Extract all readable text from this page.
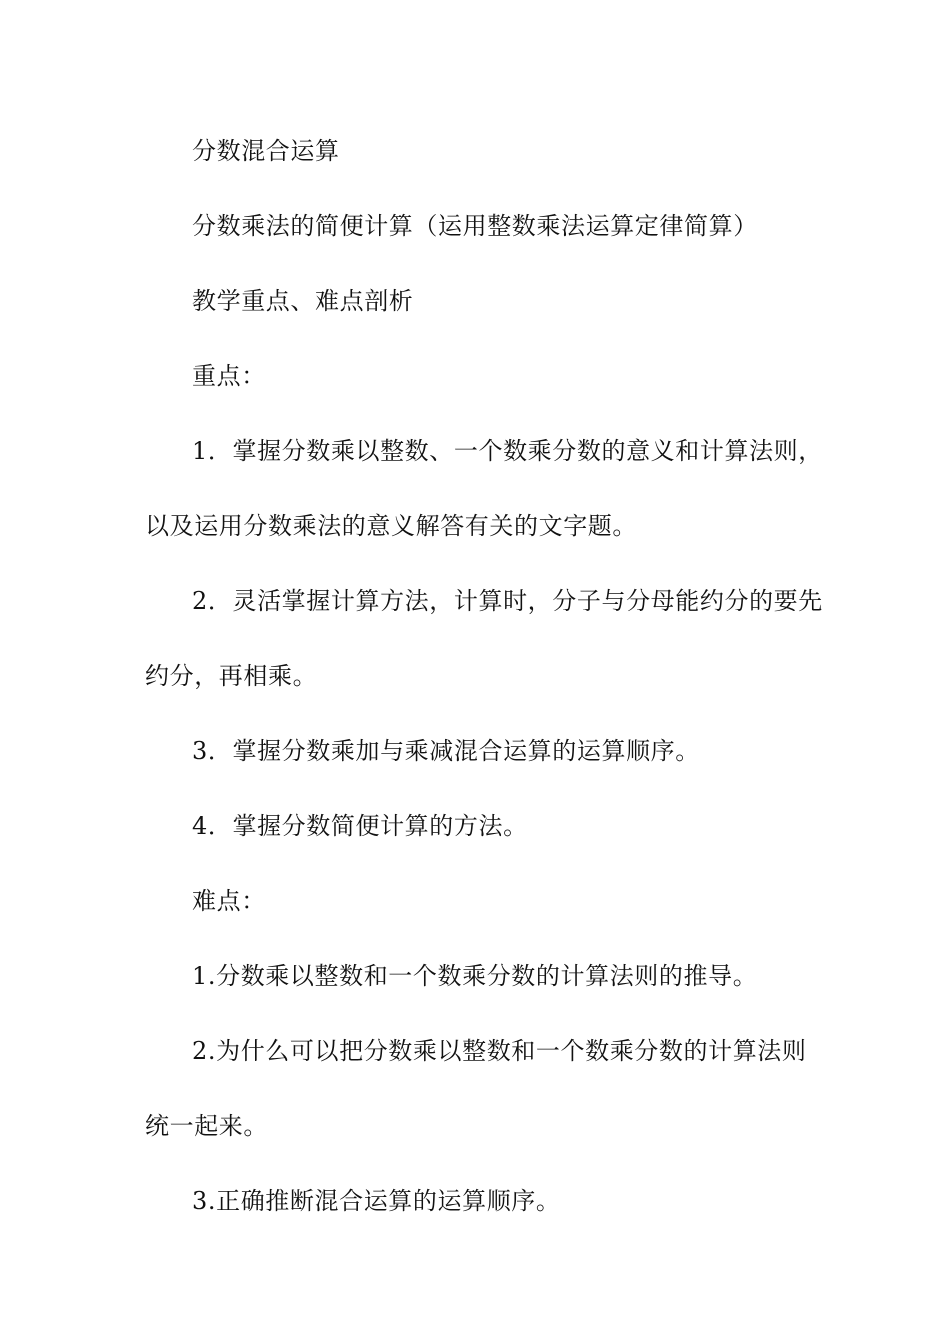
分数混合运算
分数乘法的简便计算（运用整数乘法运算定律简算）
教学重点、难点剖析
重点：
1．掌握分数乘以整数、一个数乘分数的意义和计算法则，
以及运用分数乘法的意义解答有关的文字题。
2．灵活掌握计算方法，计算时，分子与分母能约分的要先
约分，再相乘。
3．掌握分数乘加与乘减混合运算的运算顺序。
4．掌握分数简便计算的方法。
难点：
1.分数乘以整数和一个数乘分数的计算法则的推导。
2.为什么可以把分数乘以整数和一个数乘分数的计算法则
统一起来。
3.正确推断混合运算的运算顺序。
